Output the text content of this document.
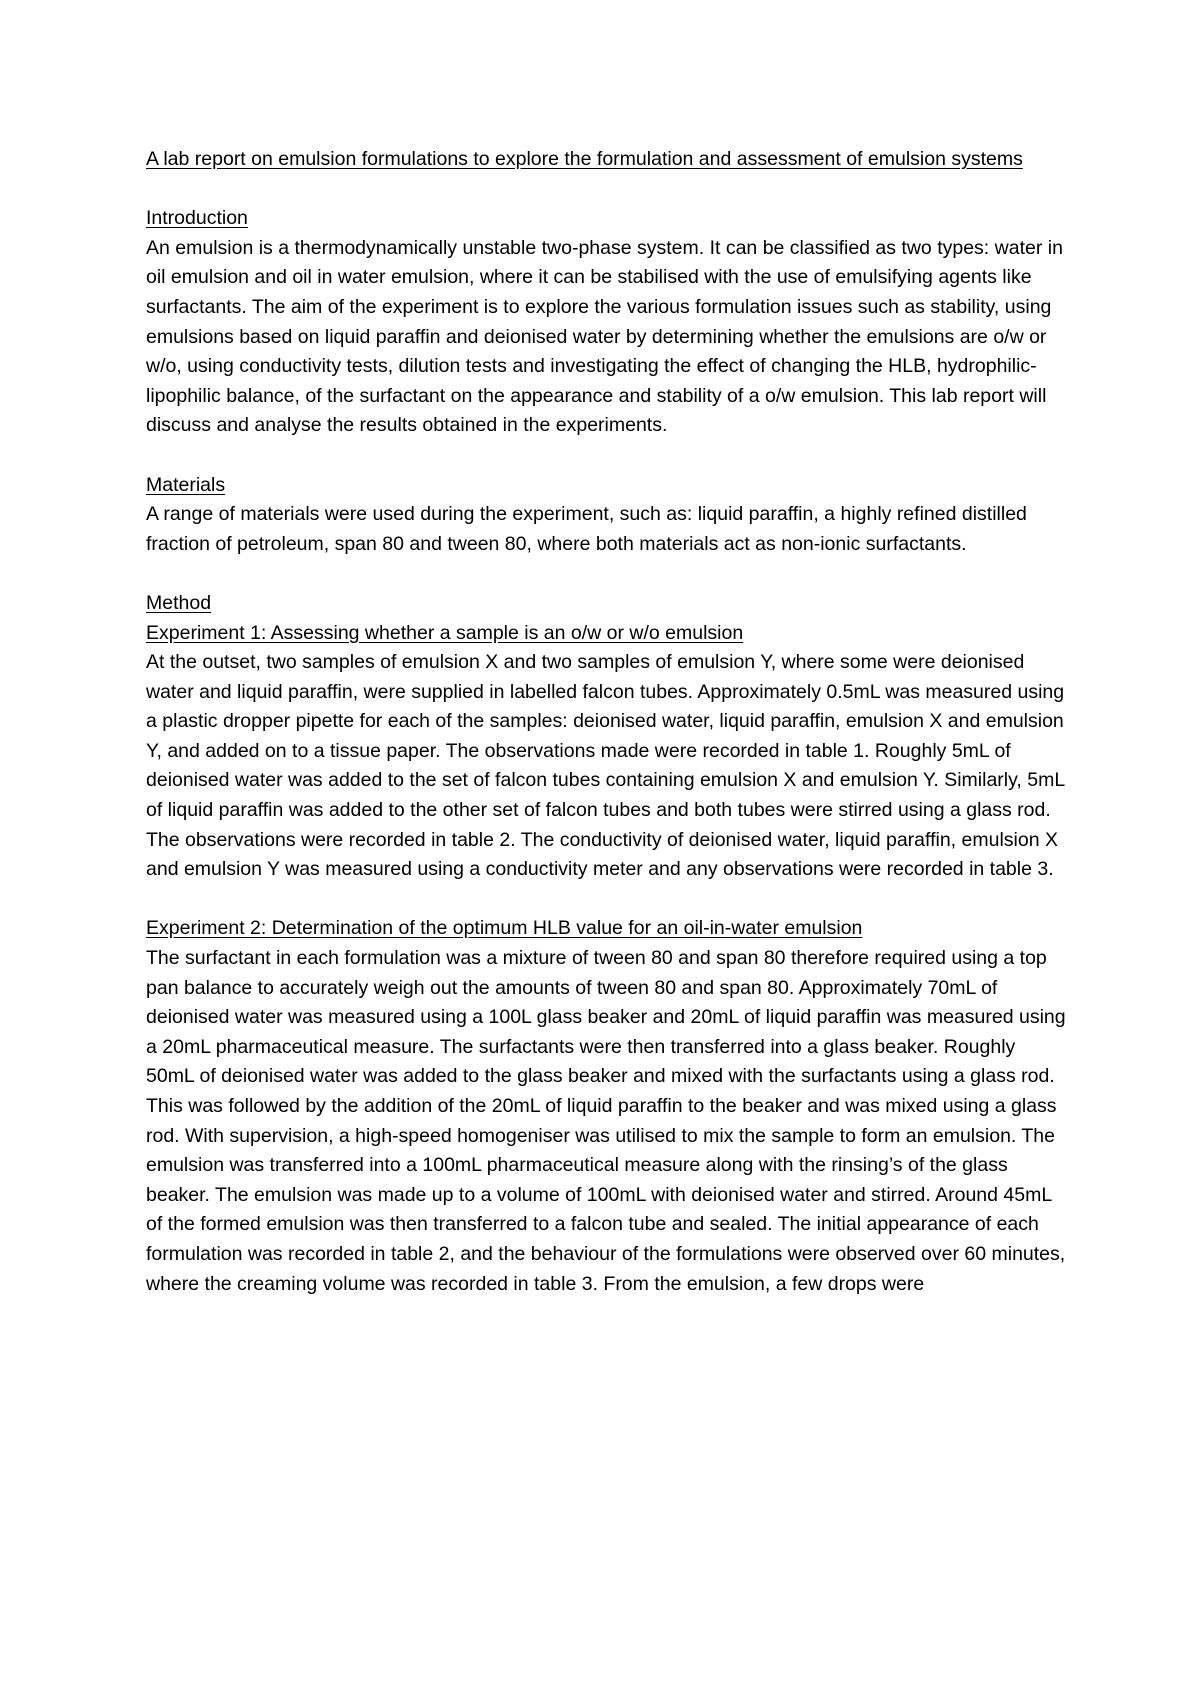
A lab report on emulsion formulations to explore the formulation and assessment of emulsion systems

Introduction

An emulsion is a thermodynamically unstable two-phase system. It can be classified as two types: water in oil emulsion and oil in water emulsion, where it can be stabilised with the use of emulsifying agents like surfactants. The aim of the experiment is to explore the various formulation issues such as stability, using emulsions based on liquid paraffin and deionised water by determining whether the emulsions are o/w or w/o, using conductivity tests, dilution tests and investigating the effect of changing the HLB, hydrophilic-lipophilic balance, of the surfactant on the appearance and stability of a o/w emulsion. This lab report will discuss and analyse the results obtained in the experiments.

Materials

A range of materials were used during the experiment, such as: liquid paraffin, a highly refined distilled fraction of petroleum, span 80 and tween 80, where both materials act as non-ionic surfactants.

Method

Experiment 1: Assessing whether a sample is an o/w or w/o emulsion

At the outset, two samples of emulsion X and two samples of emulsion Y, where some were deionised water and liquid paraffin, were supplied in labelled falcon tubes. Approximately 0.5mL was measured using a plastic dropper pipette for each of the samples: deionised water, liquid paraffin, emulsion X and emulsion Y, and added on to a tissue paper. The observations made were recorded in table 1. Roughly 5mL of deionised water was added to the set of falcon tubes containing emulsion X and emulsion Y. Similarly, 5mL of liquid paraffin was added to the other set of falcon tubes and both tubes were stirred using a glass rod. The observations were recorded in table 2. The conductivity of deionised water, liquid paraffin, emulsion X and emulsion Y was measured using a conductivity meter and any observations were recorded in table 3.

Experiment 2: Determination of the optimum HLB value for an oil-in-water emulsion

The surfactant in each formulation was a mixture of tween 80 and span 80 therefore required using a top pan balance to accurately weigh out the amounts of tween 80 and span 80. Approximately 70mL of deionised water was measured using a 100L glass beaker and 20mL of liquid paraffin was measured using a 20mL pharmaceutical measure. The surfactants were then transferred into a glass beaker. Roughly 50mL of deionised water was added to the glass beaker and mixed with the surfactants using a glass rod. This was followed by the addition of the 20mL of liquid paraffin to the beaker and was mixed using a glass rod. With supervision, a high-speed homogeniser was utilised to mix the sample to form an emulsion. The emulsion was transferred into a 100mL pharmaceutical measure along with the rinsing’s of the glass beaker. The emulsion was made up to a volume of 100mL with deionised water and stirred. Around 45mL of the formed emulsion was then transferred to a falcon tube and sealed. The initial appearance of each formulation was recorded in table 2, and the behaviour of the formulations were observed over 60 minutes, where the creaming volume was recorded in table 3. From the emulsion, a few drops were
